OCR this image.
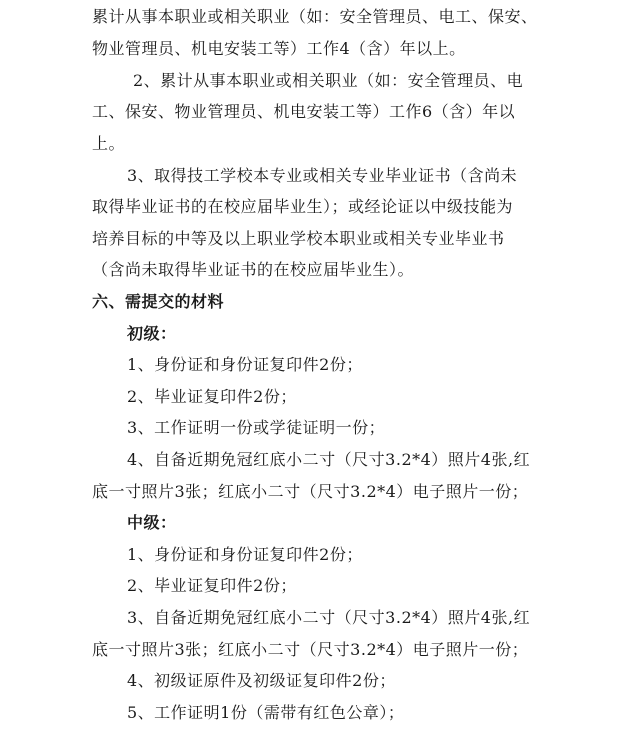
累计从事本职业或相关职业（如：安全管理员、电工、保安、
物业管理员、机电安装工等）工作4（含）年以上。
2、累计从事本职业或相关职业（如：安全管理员、电
工、保安、物业管理员、机电安装工等）工作6（含）年以
上。
3、取得技工学校本专业或相关专业毕业证书（含尚未
取得毕业证书的在校应届毕业生）；或经论证以中级技能为
培养目标的中等及以上职业学校本职业或相关专业毕业书
（含尚未取得毕业证书的在校应届毕业生）。
六、需提交的材料
初级：
1、身份证和身份证复印件2份；
2、毕业证复印件2份；
3、工作证明一份或学徒证明一份；
4、自备近期免冠红底小二寸（尺寸3.2*4）照片4张,红
底一寸照片3张；红底小二寸（尺寸3.2*4）电子照片一份；
中级：
1、身份证和身份证复印件2份；
2、毕业证复印件2份；
3、自备近期免冠红底小二寸（尺寸3.2*4）照片4张,红
底一寸照片3张；红底小二寸（尺寸3.2*4）电子照片一份；
4、初级证原件及初级证复印件2份；
5、工作证明1份（需带有红色公章）；
